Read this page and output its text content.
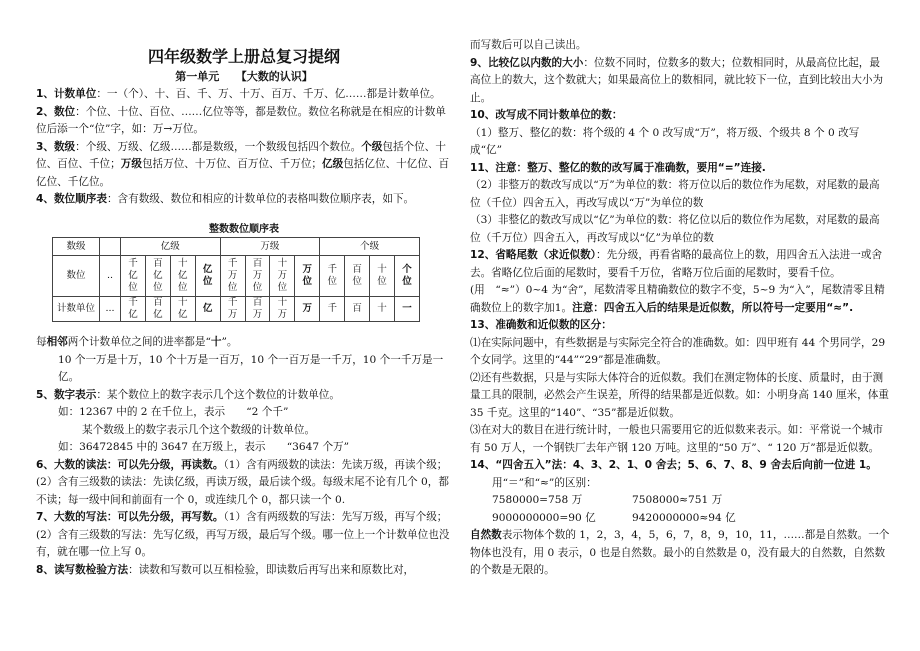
四年级数学上册总复习提纲
第一单元　　【大数的认识】

1、计数单位：一（个）、十、百、千、万、十万、百万、千万、亿……都是计数单位。

2、数位：个位、十位、百位、……亿位等等，都是数位。数位名称就是在相应的计数单位后添一个“位”字，如：万→万位。

3、数级：个级、万级、亿级……都是数级，一个数级包括四个数位。个级包括个位、十位、百位、千位；万级包括万位、十万位、百万位、千万位；亿级包括亿位、十亿位、百亿位、千亿位。

4、数位顺序表：含有数级、数位和相应的计数单位的表格叫数位顺序表，如下。

整数数位顺序表
数级		亿级				万级				个级			
数位	..	千亿位	百亿位	十亿位	亿位	千万位	百万位	十万位	万位	千位	百位	十位	个位
计数单位	...	千亿	百亿	十亿	亿	千万	百万	十万	万	千	百	十	一

每相邻两个计数单位之间的进率都是“十”。

10 个一万是十万，10 个十万是一百万，10 个一百万是一千万，10 个一千万是一亿。

5、数字表示：某个数位上的数字表示几个这个数位的计数单位。

如：12367 中的 2 在千位上，表示　　“2 个千”

某个数级上的数字表示几个这个数级的计数单位。

如：36472845 中的 3647 在万级上，表示　　“3647 个万”

6、大数的读法：可以先分级，再读数。（1）含有两级数的读法：先读万级，再读个级；(2）含有三级数的读法：先读亿级，再读万级，最后读个级。每级末尾不论有几个 0，都不读；每一级中间和前面有一个 0，或连续几个 0，都只读一个 0.

7、大数的写法：可以先分级，再写数。（1）含有两级数的写法：先写万级，再写个级；(2）含有三级数的写法：先写亿级，再写万级，最后写个级。哪一位上一个计数单位也没有，就在哪一位上写 0。

8、读写数检验方法：读数和写数可以互相检验，即读数后再写出来和原数比对，

而写数后可以自己读出。

9、比较亿以内数的大小：位数不同时，位数多的数大；位数相同时，从最高位比起，最高位上的数大，这个数就大；如果最高位上的数相同，就比较下一位，直到比较出大小为止。

10、改写成不同计数单位的数：

（1）整万、整亿的数：将个级的 4 个 0 改写成“万”，将万级、个级共 8 个 0 改写成“亿”

11、注意：整万、整亿的数的改写属于准确数，要用“=”连接.

（2）非整万的数改写成以“万”为单位的数：将万位以后的数位作为尾数，对尾数的最高位（千位）四舍五入，再改写成以“万”为单位的数

（3）非整亿的数改写成以“亿”为单位的数：将亿位以后的数位作为尾数，对尾数的最高位（千万位）四舍五入，再改写成以“亿”为单位的数

12、省略尾数（求近似数）：先分级，再看省略的最高位上的数，用四舍五入法进一或舍去。省略亿位后面的尾数时，要看千万位，省略万位后面的尾数时，要看千位。(用　“≈”）0~4 为“舍”，尾数清零且精确数位的数字不变，5~9 为“入”，尾数清零且精确数位上的数字加1。注意：四舍五入后的结果是近似数，所以符号一定要用“≈”.

13、准确数和近似数的区分：

⑴在实际问题中，有些数据是与实际完全符合的准确数。如：四甲班有 44 个男同学，29 个女同学。这里的“44”“29”都是准确数。

⑵还有些数据，只是与实际大体符合的近似数。我们在测定物体的长度、质量时，由于测量工具的限制，必然会产生误差，所得的结果都是近似数。如：小明身高 140 厘米，体重 35 千克。这里的“140”、“35”都是近似数。

⑶在对大的数目在进行统计时，一般也只需要用它的近似数来表示。如：平常说一个城市有 50 万人，一个钢铁厂去年产钢 120 万吨。这里的“50 万”、“ 120 万”都是近似数。

14、“四舍五入”法：4、3、2、1、0 舍去；5、6、7、8、9 舍去后向前一位进 1。

用“＝”和“≈”的区别：

7580000=758 万	7508000≈751 万
9000000000=90 亿	9420000000≈94 亿

自然数表示物体个数的 1，2，3，4，5，6，7，8，9，10，11，……都是自然数。一个物体也没有，用 0 表示，0 也是自然数。最小的自然数是 0，没有最大的自然数，自然数的个数是无限的。
